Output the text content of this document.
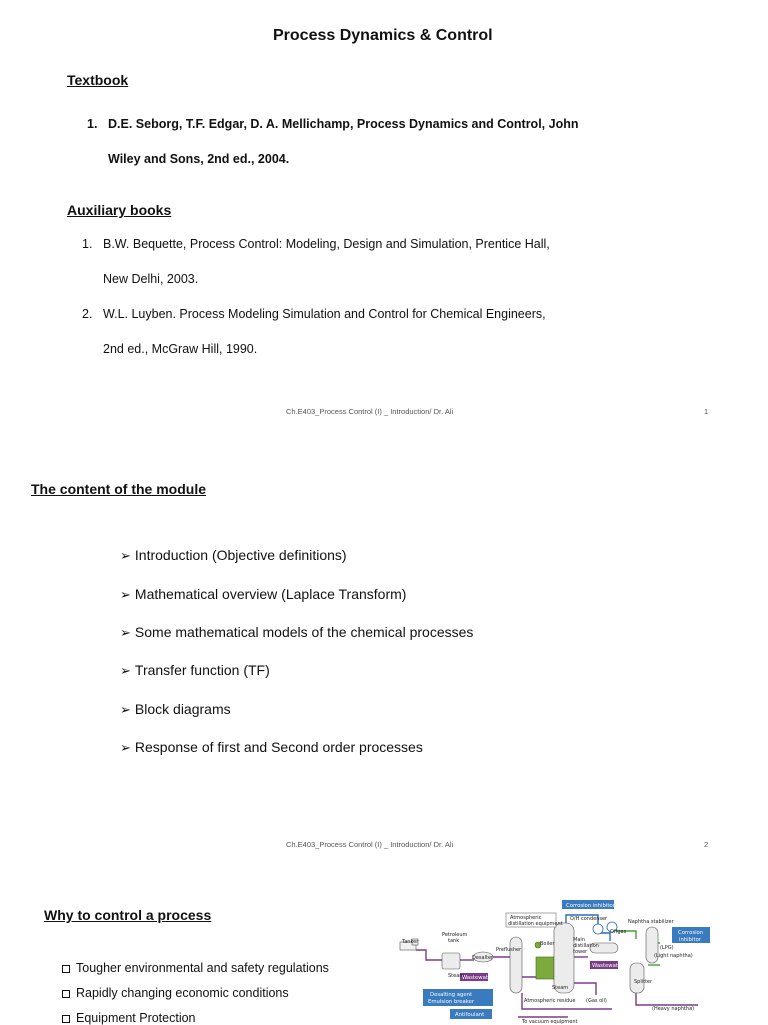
Process Dynamics & Control
Textbook
1. D.E. Seborg, T.F. Edgar, D. A. Mellichamp, Process Dynamics and Control, John
Wiley and Sons, 2nd ed., 2004.
Auxiliary books
1. B.W. Bequette, Process Control: Modeling, Design and Simulation, Prentice Hall,
New Delhi, 2003.
2. W.L. Luyben. Process Modeling Simulation and Control for Chemical Engineers,
2nd ed., McGraw Hill, 1990.
Ch.E403_Process Control (I) _ Introduction/ Dr. Ali	1
The content of the module
➢ Introduction (Objective definitions)
➢ Mathematical overview (Laplace Transform)
➢ Some mathematical models of the chemical processes
➢ Transfer function (TF)
➢ Block diagrams
➢ Response of first and Second order processes
Ch.E403_Process Control (I) _ Introduction/ Dr. Ali	2
Why to control a process
Tougher environmental and safety regulations
Rapidly changing economic conditions
Equipment Protection
Corrosion inhibitor
Corrosion
inhibitor
Desalting agent
Emulsion breaker
Antifoulant
Wastewater
Wastewater
Atmospheric
distillation equipment
O/H condenser	Naphtha stabilizer
Offgas
Petroleum
tank
Tanker
Desalter
Preflusher
Boiler
Main
distillation
tower
(LPG)
(Light naphtha)
Steam
Steam
Splitter
Atmospheric residue (Gas oil)
(Heavy naphtha)
To vacuum equipment
